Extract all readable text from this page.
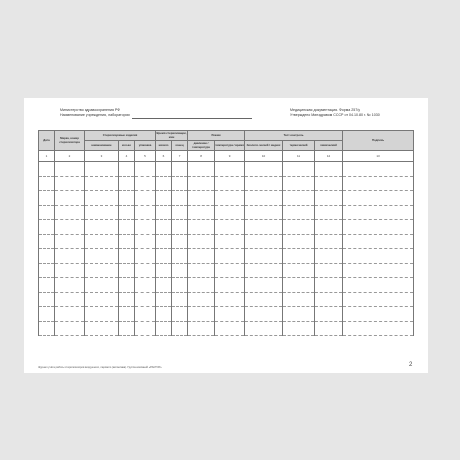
Министерство здравоохранения РФ
Наименование учреждения, лаборатории
Медицинская документация. Форма 257/у
Утверждено Минздравом СССР от 04.10.80 г. № 1030
Дата	Марка, номер стерилизатора	Стерилизуемые изделия			Время стерилизации, мин		Режим		Тест-контроль			Подпись
		наименование	кол-во	упаковка	начало	конец	давление / температура	температура / время	биологи-ческий / индекс	термический	химический	
1	2	3	4	5	6	7	8	9	10	11	12	13

Журнал учёта работы стерилизаторов воздушного, парового (автоклава). Группа компаний «РАСТОР»	2
